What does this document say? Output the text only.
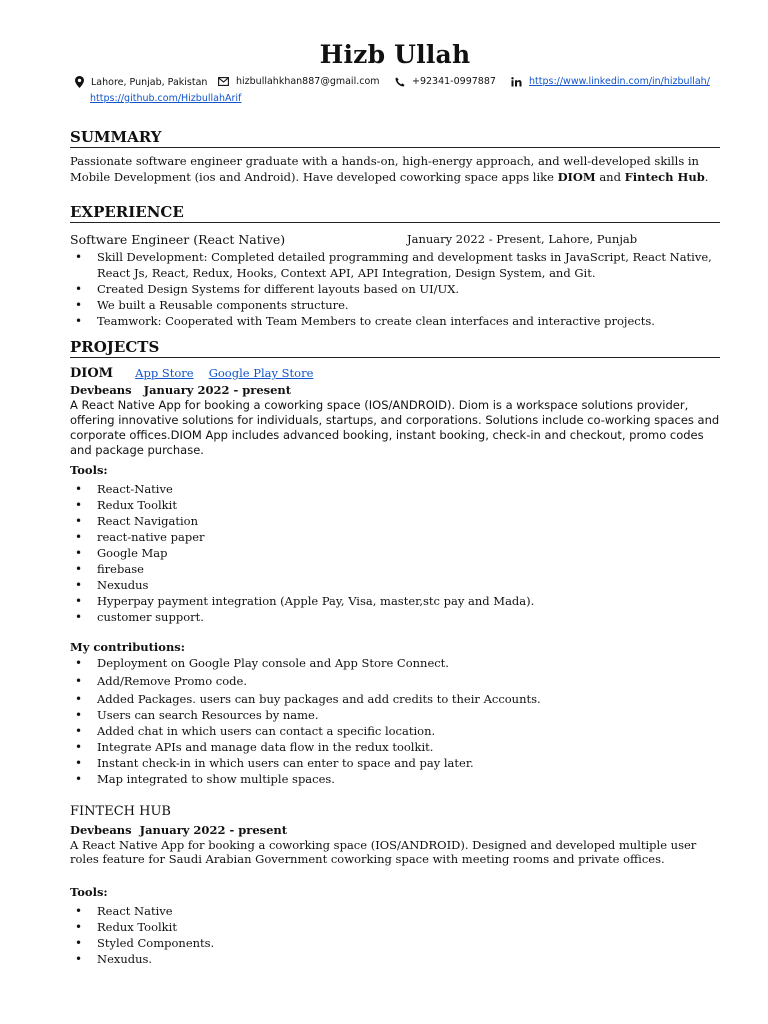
Hizb Ullah
Lahore, Punjab, Pakistan	hizbullahkhan887@gmail.com	+92341-0997887	https://www.linkedin.com/in/hizbullah/
https://github.com/HizbullahArif
SUMMARY

Passionate software engineer graduate with a hands-on, high-energy approach, and well-developed skills in Mobile Development (ios and Android). Have developed coworking space apps like DIOM and Fintech Hub.

EXPERIENCE
Software Engineer (React Native)	January 2022 - Present, Lahore, Punjab
• Skill Development: Completed detailed programming and development tasks in JavaScript, React Native, React Js, React, Redux, Hooks, Context API, API Integration, Design System, and Git.
• Created Design Systems for different layouts based on UI/UX.
• We built a Reusable components structure.
• Teamwork: Cooperated with Team Members to create clean interfaces and interactive projects.
PROJECTS
DIOM App Store Google Play Store
Devbeans   January 2022 - present

A React Native App for booking a coworking space (IOS/ANDROID). Diom is a workspace solutions provider, offering innovative solutions for individuals, startups, and corporations. Solutions include co-working spaces and corporate offices.DIOM App includes advanced booking, instant booking, check-in and checkout, promo codes and package purchase.

Tools:
• React-Native
• Redux Toolkit
• React Navigation
• react-native paper
• Google Map
• firebase
• Nexudus
• Hyperpay payment integration (Apple Pay, Visa, master,stc pay and Mada).
• customer support.
My contributions:
• Deployment on Google Play console and App Store Connect.
• Add/Remove Promo code.
• Added Packages. users can buy packages and add credits to their Accounts.
• Users can search Resources by name.
• Added chat in which users can contact a specific location.
• Integrate APIs and manage data flow in the redux toolkit.
• Instant check-in in which users can enter to space and pay later.
• Map integrated to show multiple spaces.
FINTECH HUB
Devbeans  January 2022 - present

A React Native App for booking a coworking space (IOS/ANDROID). Designed and developed multiple user roles feature for Saudi Arabian Government coworking space with meeting rooms and private offices.

Tools:
• React Native
• Redux Toolkit
• Styled Components.
• Nexudus.
